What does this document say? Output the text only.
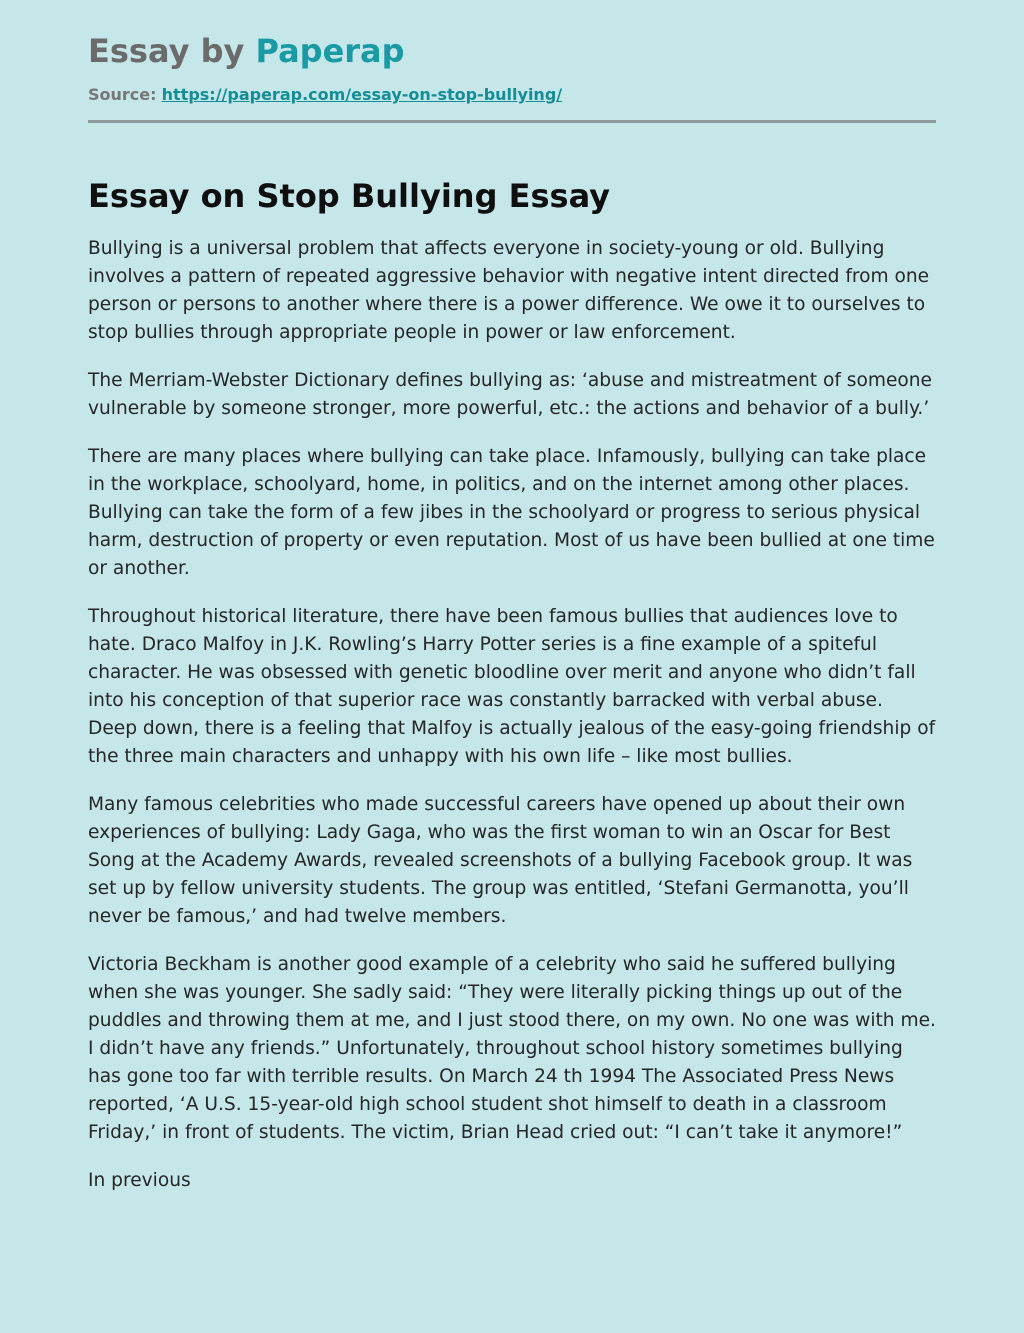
Essay by Paperap
Source: https://paperap.com/essay-on-stop-bullying/
Essay on Stop Bullying Essay

Bullying is a universal problem that affects everyone in society-young or old. Bullying involves a pattern of repeated aggressive behavior with negative intent directed from one person or persons to another where there is a power difference. We owe it to ourselves to stop bullies through appropriate people in power or law enforcement.

The Merriam-Webster Dictionary defines bullying as: ‘abuse and mistreatment of someone vulnerable by someone stronger, more powerful, etc.: the actions and behavior of a bully.’

There are many places where bullying can take place. Infamously, bullying can take place in the workplace, schoolyard, home, in politics, and on the internet among other places. Bullying can take the form of a few jibes in the schoolyard or progress to serious physical harm, destruction of property or even reputation. Most of us have been bullied at one time or another.

Throughout historical literature, there have been famous bullies that audiences love to hate. Draco Malfoy in J.K. Rowling’s Harry Potter series is a fine example of a spiteful character. He was obsessed with genetic bloodline over merit and anyone who didn’t fall into his conception of that superior race was constantly barracked with verbal abuse. Deep down, there is a feeling that Malfoy is actually jealous of the easy-going friendship of the three main characters and unhappy with his own life – like most bullies.

Many famous celebrities who made successful careers have opened up about their own experiences of bullying: Lady Gaga, who was the first woman to win an Oscar for Best Song at the Academy Awards, revealed screenshots of a bullying Facebook group. It was set up by fellow university students. The group was entitled, ‘Stefani Germanotta, you’ll never be famous,’ and had twelve members.

Victoria Beckham is another good example of a celebrity who said he suffered bullying when she was younger. She sadly said: “They were literally picking things up out of the puddles and throwing them at me, and I just stood there, on my own. No one was with me. I didn’t have any friends.” Unfortunately, throughout school history sometimes bullying has gone too far with terrible results. On March 24 th 1994 The Associated Press News reported, ‘A U.S. 15-year-old high school student shot himself to death in a classroom Friday,’ in front of students. The victim, Brian Head cried out: “I can’t take it anymore!”

In previous
